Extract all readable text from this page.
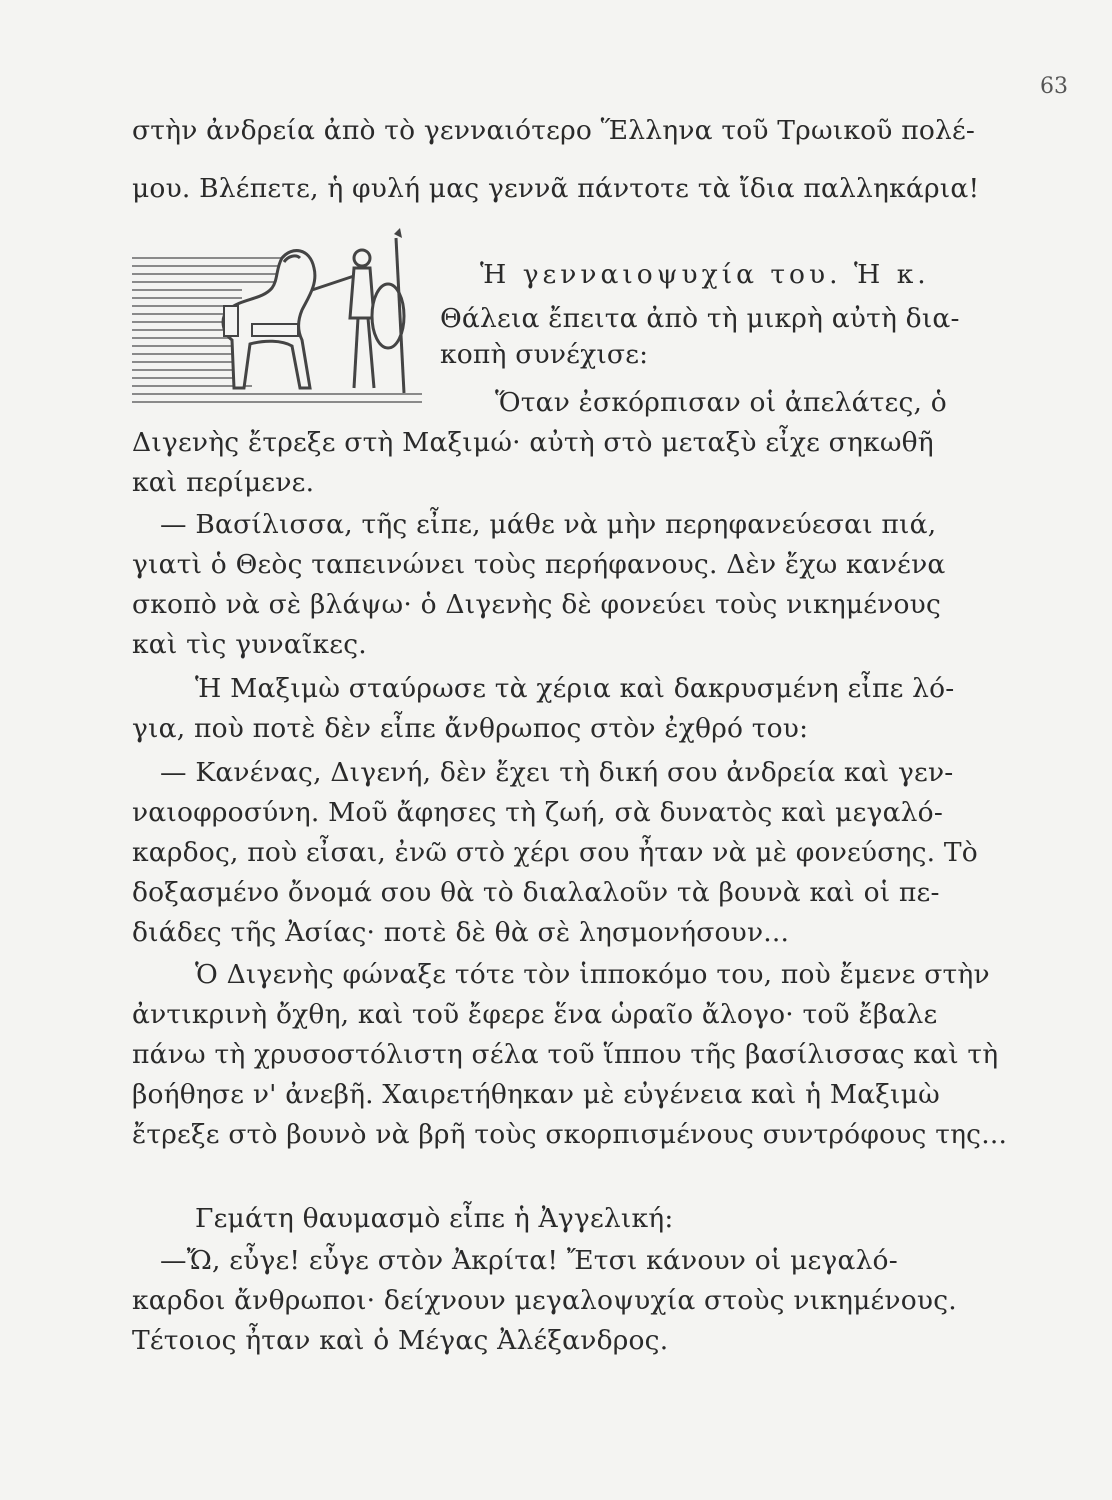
63
στὴν ἀνδρεία ἀπὸ τὸ γενναιότερο Ἕλληνα τοῦ Τρωικοῦ πολέ-
μου. Βλέπετε, ἡ φυλή μας γεννᾶ πάντοτε τὰ ἴδια παλληκάρια!
Ἡ γενναιοψυχία του. Ἡ κ.
Θάλεια ἔπειτα ἀπὸ τὴ μικρὴ αὐτὴ δια-
κοπὴ συνέχισε:
Ὅταν ἐσκόρπισαν οἱ ἀπελάτες, ὁ
Διγενὴς ἔτρεξε στὴ Μαξιμώ· αὐτὴ στὸ μεταξὺ εἶχε σηκωθῆ
καὶ περίμενε.
— Βασίλισσα, τῆς εἶπε, μάθε νὰ μὴν περηφανεύεσαι πιά,
γιατὶ ὁ Θεὸς ταπεινώνει τοὺς περήφανους. Δὲν ἔχω κανένα
σκοπὸ νὰ σὲ βλάψω· ὁ Διγενὴς δὲ φονεύει τοὺς νικημένους
καὶ τὶς γυναῖκες.
Ἡ Μαξιμὼ σταύρωσε τὰ χέρια καὶ δακρυσμένη εἶπε λό-
για, ποὺ ποτὲ δὲν εἶπε ἄνθρωπος στὸν ἐχθρό του:
— Κανένας, Διγενή, δὲν ἔχει τὴ δική σου ἀνδρεία καὶ γεν-
ναιοφροσύνη. Μοῦ ἄφησες τὴ ζωή, σὰ δυνατὸς καὶ μεγαλό-
καρδος, ποὺ εἶσαι, ἐνῶ στὸ χέρι σου ἦταν νὰ μὲ φονεύσης. Τὸ
δοξασμένο ὄνομά σου θὰ τὸ διαλαλοῦν τὰ βουνὰ καὶ οἱ πε-
διάδες τῆς Ἀσίας· ποτὲ δὲ θὰ σὲ λησμονήσουν...
Ὁ Διγενὴς φώναξε τότε τὸν ἱπποκόμο του, ποὺ ἔμενε στὴν
ἀντικρινὴ ὄχθη, καὶ τοῦ ἔφερε ἕνα ὡραῖο ἄλογο· τοῦ ἔβαλε
πάνω τὴ χρυσοστόλιστη σέλα τοῦ ἵππου τῆς βασίλισσας καὶ τὴ
βοήθησε ν' ἀνεβῆ. Χαιρετήθηκαν μὲ εὐγένεια καὶ ἡ Μαξιμὼ
ἔτρεξε στὸ βουνὸ νὰ βρῆ τοὺς σκορπισμένους συντρόφους της...
Γεμάτη θαυμασμὸ εἶπε ἡ Ἀγγελική:
—Ὤ, εὖγε! εὖγε στὸν Ἀκρίτα! Ἔτσι κάνουν οἱ μεγαλό-
καρδοι ἄνθρωποι· δείχνουν μεγαλοψυχία στοὺς νικημένους.
Τέτοιος ἦταν καὶ ὁ Μέγας Ἀλέξανδρος.
